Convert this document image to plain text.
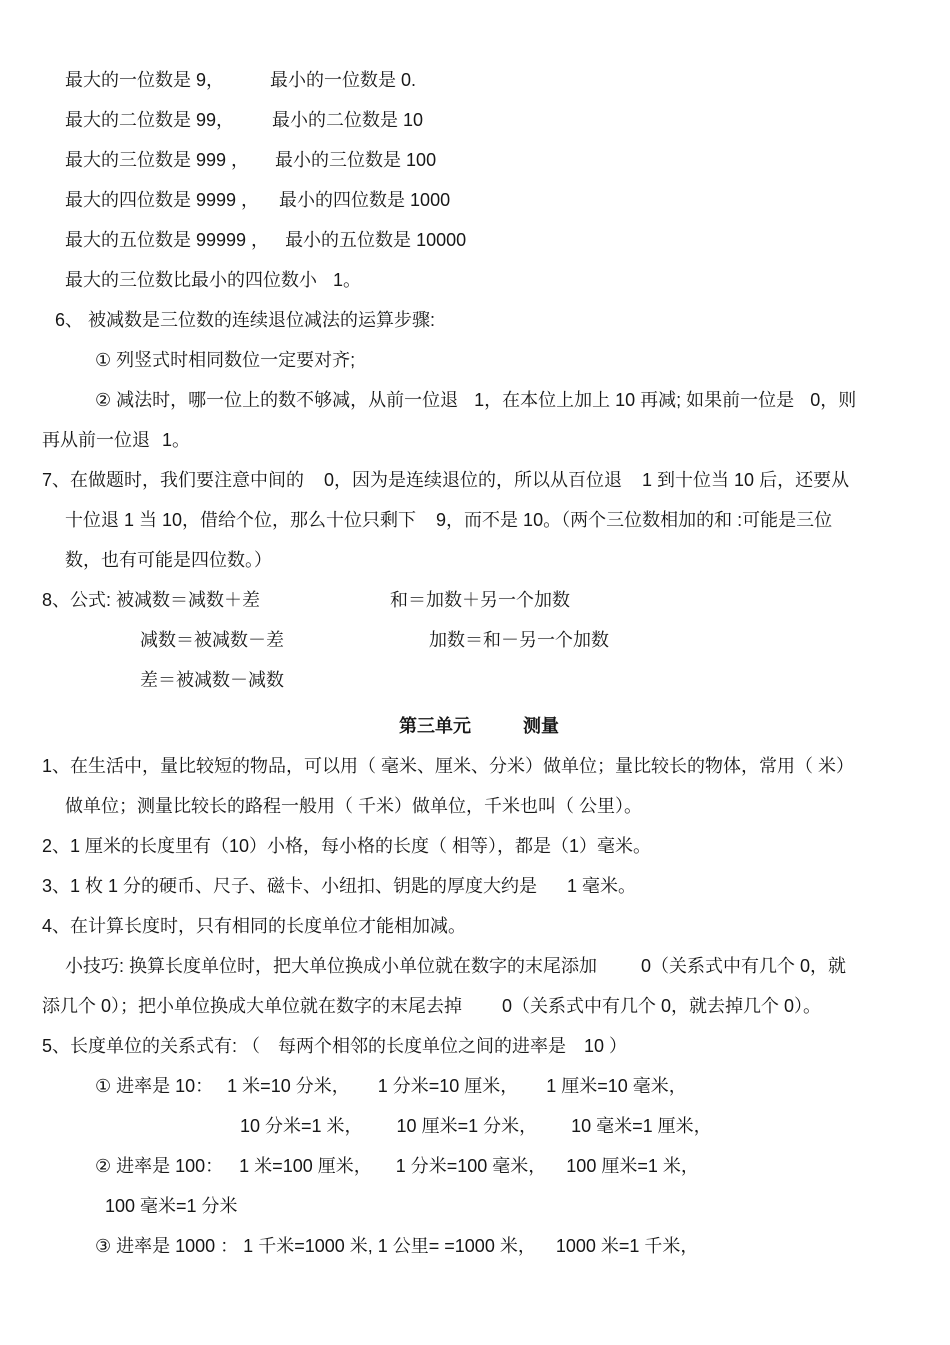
最大的一位数是 9，	最小的一位数是 0.
最大的二位数是 99， 最小的二位数是 10
最大的三位数是 999 ， 最小的三位数是 100
最大的四位数是 9999 ， 最小的四位数是 1000
最大的五位数是 99999 ， 最小的五位数是 10000
最大的三位数比最小的四位数小 1。
6、 被减数是三位数的连续退位减法的运算步骤:
① 列竖式时相同数位一定要对齐;
② 减法时，哪一位上的数不够减，从前一位退 1，在本位上加上 10 再减; 如果前一位是 0，则
再从前一位退 1。
7、在做题时，我们要注意中间的 0，因为是连续退位的，所以从百位退 1 到十位当 10 后，还要从
十位退 1 当 10，借给个位，那么十位只剩下 9，而不是 10。（两个三位数相加的和 :可能是三位
数，也有可能是四位数。）
8、公式: 被减数＝减数＋差	和＝加数＋另一个加数
减数＝被减数－差	加数＝和－另一个加数
差＝被减数－减数
第三单元	测量
1、在生活中，量比较短的物品，可以用（ 毫米、厘米、分米）做单位；量比较长的物体，常用（ 米）
做单位；测量比较长的路程一般用（ 千米）做单位，千米也叫（ 公里）。
2、1 厘米的长度里有（10）小格，每小格的长度（ 相等），都是（1）毫米。
3、1 枚 1 分的硬币、尺子、磁卡、小纽扣、钥匙的厚度大约是 1 毫米。
4、在计算长度时，只有相同的长度单位才能相加减。
小技巧: 换算长度单位时，把大单位换成小单位就在数字的末尾添加 0（关系式中有几个 0，就
添几个 0）；把小单位换成大单位就在数字的末尾去掉 0（关系式中有几个 0，就去掉几个 0）。
5、长度单位的关系式有: （ 每两个相邻的长度单位之间的进率是 10 ）
① 进率是 10： 1 米=10 分米， 1 分米=10 厘米， 1 厘米=10 毫米，
10 分米=1 米， 10 厘米=1 分米， 10 毫米=1 厘米，
② 进率是 100： 1 米=100 厘米， 1 分米=100 毫米， 100 厘米=1 米，
100 毫米=1 分米
③ 进率是 1000 ： 1 千米=1000 米, 1 公里= =1000 米， 1000 米=1 千米，
